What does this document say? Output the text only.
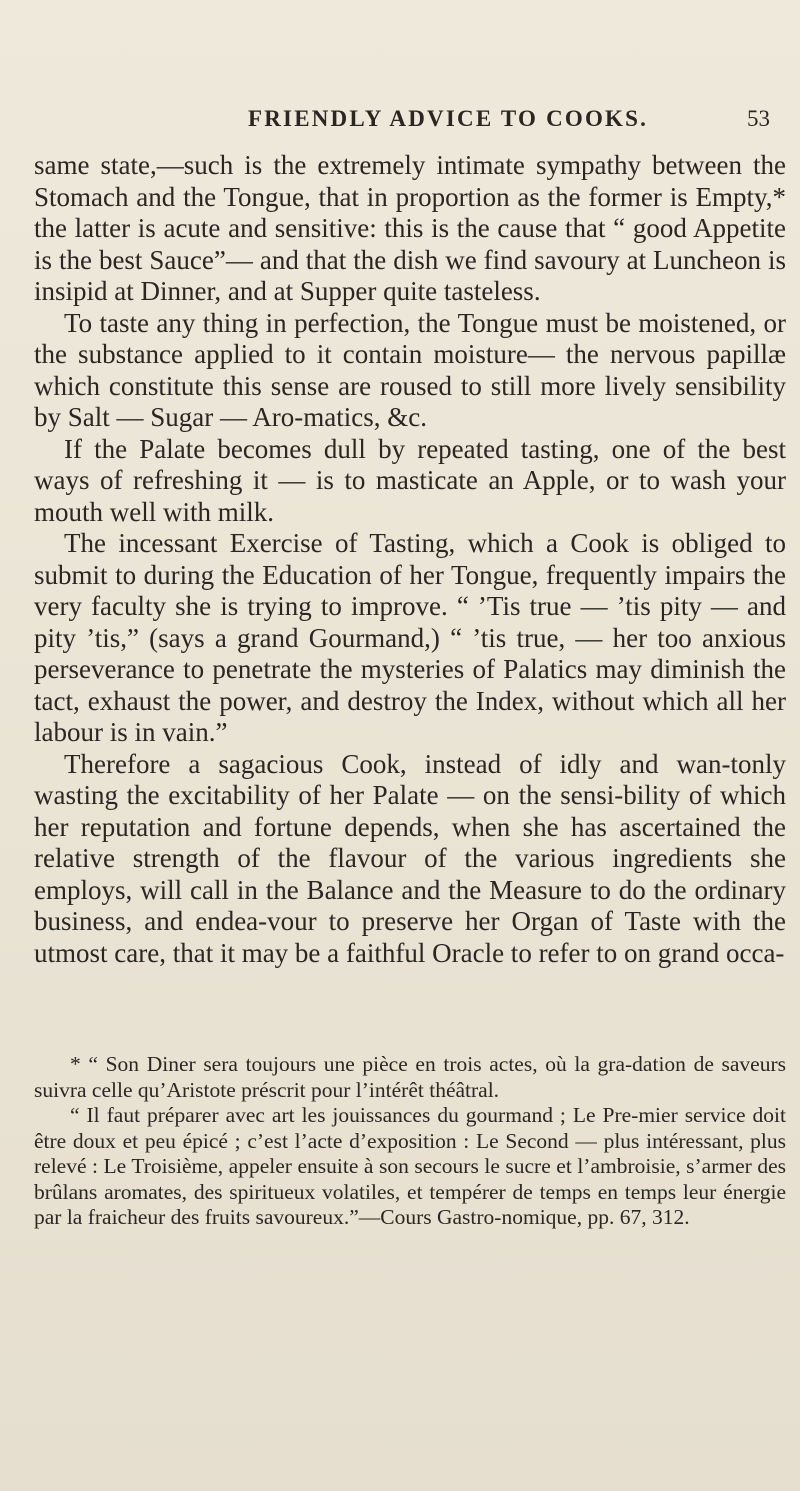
FRIENDLY ADVICE TO COOKS.	53

same state,—such is the extremely intimate sympathy between the Stomach and the Tongue, that in proportion as the former is Empty,* the latter is acute and sensitive: this is the cause that “ good Appetite is the best Sauce”— and that the dish we find savoury at Luncheon is insipid at Dinner, and at Supper quite tasteless.

To taste any thing in perfection, the Tongue must be moistened, or the substance applied to it contain moisture— the nervous papillæ which constitute this sense are roused to still more lively sensibility by Salt — Sugar — Aro-matics, &c.

If the Palate becomes dull by repeated tasting, one of the best ways of refreshing it — is to masticate an Apple, or to wash your mouth well with milk.

The incessant Exercise of Tasting, which a Cook is obliged to submit to during the Education of her Tongue, frequently impairs the very faculty she is trying to improve. “ ’Tis true — ’tis pity — and pity ’tis,” (says a grand Gourmand,) “ ’tis true, — her too anxious perseverance to penetrate the mysteries of Palatics may diminish the tact, exhaust the power, and destroy the Index, without which all her labour is in vain.”

Therefore a sagacious Cook, instead of idly and wan-tonly wasting the excitability of her Palate — on the sensi-bility of which her reputation and fortune depends, when she has ascertained the relative strength of the flavour of the various ingredients she employs, will call in the Balance and the Measure to do the ordinary business, and endea-vour to preserve her Organ of Taste with the utmost care, that it may be a faithful Oracle to refer to on grand occa-

* “ Son Diner sera toujours une pièce en trois actes, où la gra-dation de saveurs suivra celle qu’Aristote préscrit pour l’intérêt théâtral.

“ Il faut préparer avec art les jouissances du gourmand ; Le Pre-mier service doit être doux et peu épicé ; c’est l’acte d’exposition : Le Second — plus intéressant, plus relevé : Le Troisième, appeler ensuite à son secours le sucre et l’ambroisie, s’armer des brûlans aromates, des spiritueux volatiles, et tempérer de temps en temps leur énergie par la fraicheur des fruits savoureux.”—Cours Gastro-nomique, pp. 67, 312.
